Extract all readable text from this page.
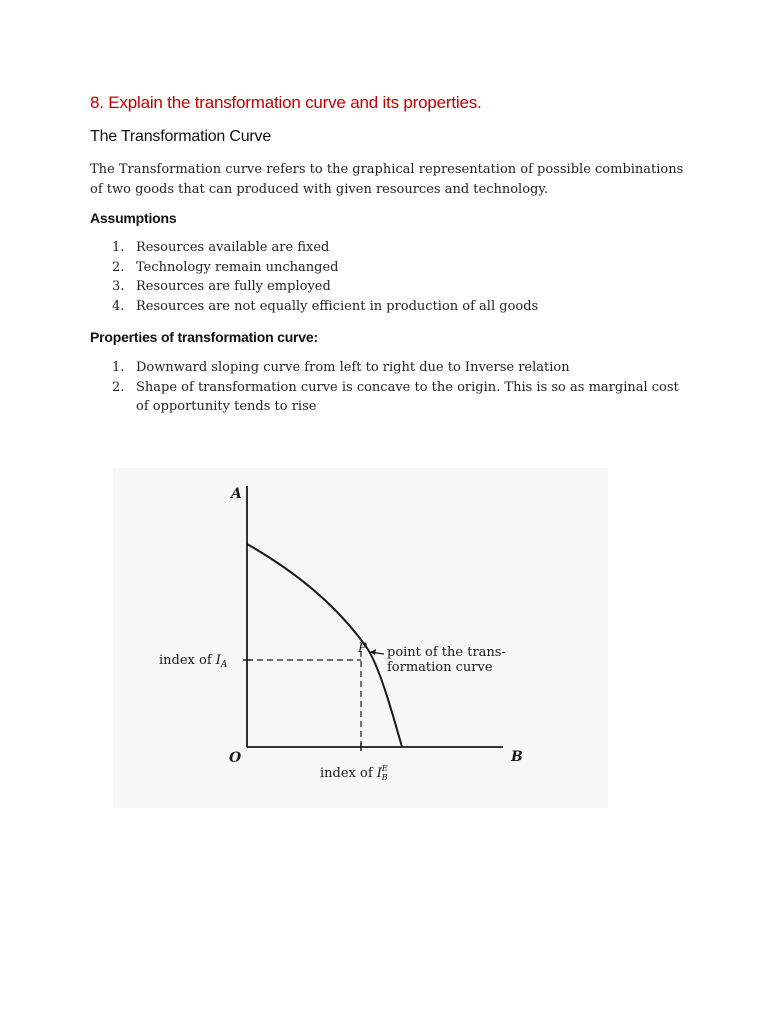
8. Explain the transformation curve and its properties.
The Transformation Curve

The Transformation curve refers to the graphical representation of possible combinations of two goods that can produced with given resources and technology.

Assumptions
1. Resources available are fixed
2. Technology remain unchanged
3. Resources are fully employed
4. Resources are not equally efficient in production of all goods
Properties of transformation curve:
1. Downward sloping curve from left to right due to Inverse relation
2. Shape of transformation curve is concave to the origin. This is so as marginal cost of opportunity tends to rise
A
B
O
P point of the trans-
formation curve
index of $I_A$
index of $I^E$ B
